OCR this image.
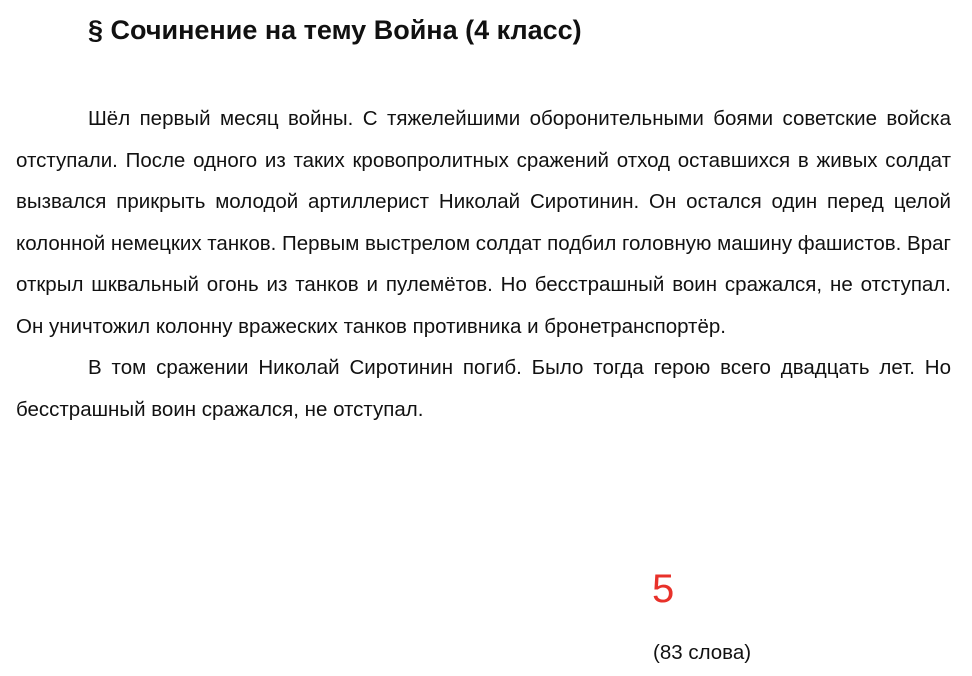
§ Сочинение на тему Война (4 класс)

Шёл первый месяц войны. С тяжелейшими оборонительными боями советские войска отступали. После одного из таких кровопролитных сражений отход оставшихся в живых солдат вызвался прикрыть молодой артиллерист Николай Сиротинин. Он остался один перед целой колонной немецких танков. Первым выстрелом солдат подбил головную машину фашистов. Враг открыл шквальный огонь из танков и пулемётов. Но бесстрашный воин сражался, не отступал. Он уничтожил колонну вражеских танков противника и бронетранспортёр.

В том сражении Николай Сиротинин погиб. Было тогда герою всего двадцать лет. Но бесстрашный воин сражался, не отступал.

5
(83 слова)
